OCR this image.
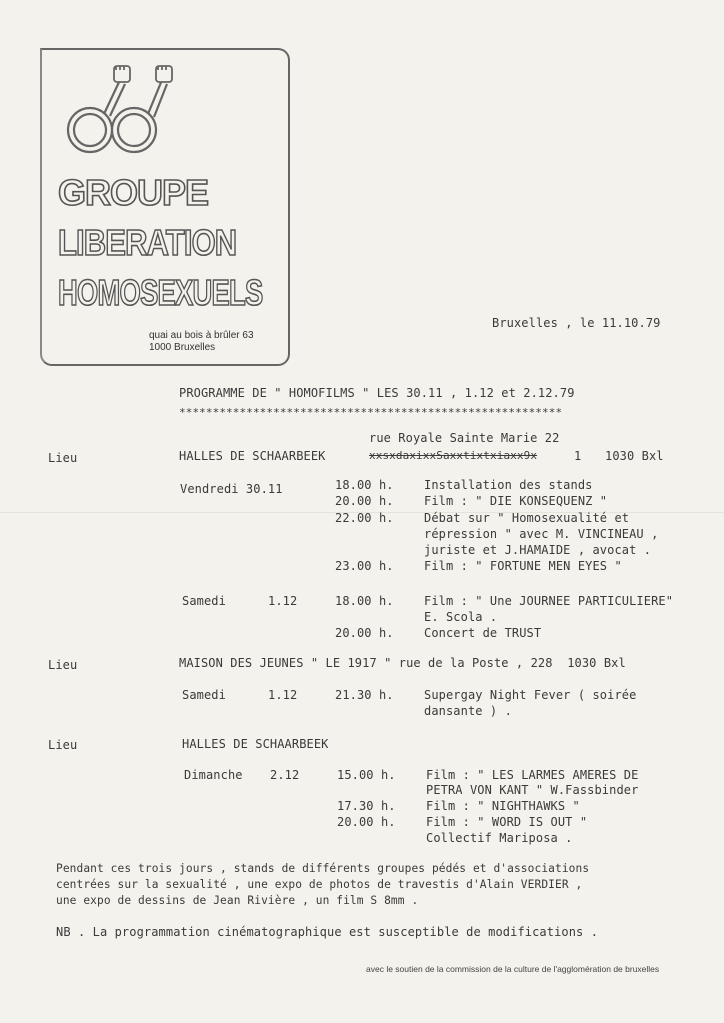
GROUPE
LIBERATION
HOMOSEXUELS
quai au bois à brûler 63
1000 Bruxelles
Bruxelles , le 11.10.79
PROGRAMME DE " HOMOFILMS " LES 30.11 , 1.12 et 2.12.79
*********************************************************
rue Royale Sainte Marie 22
Lieu	HALLES DE SCHAARBEEK	xxsxdaxixxSaxxtixtxiaxx9x	1 1030 Bxl
Vendredi 30.11	18.00 h.	Installation des stands
20.00 h.	Film : " DIE KONSEQUENZ "
22.00 h.	Débat sur " Homosexualité et
répression " avec M. VINCINEAU ,
juriste et J.HAMAIDE , avocat .
23.00 h.	Film : " FORTUNE MEN EYES "
Samedi	1.12	18.00 h.	Film : " Une JOURNEE PARTICULIERE"
E. Scola .
20.00 h.	Concert de TRUST
Lieu	MAISON DES JEUNES " LE 1917 " rue de la Poste , 228  1030 Bxl
Samedi	1.12	21.30 h.	Supergay Night Fever ( soirée
dansante ) .
Lieu	HALLES DE SCHAARBEEK
Dimanche 2.12	15.00 h.	Film : " LES LARMES AMERES DE
PETRA VON KANT " W.Fassbinder
17.30 h.	Film : " NIGHTHAWKS "
20.00 h.	Film : " WORD IS OUT "
Collectif Mariposa .
Pendant ces trois jours , stands de différents groupes pédés et d'associations
centrées sur la sexualité , une expo de photos de travestis d'Alain VERDIER ,
une expo de dessins de Jean Rivière , un film S 8mm .
NB . La programmation cinématographique est susceptible de modifications .
avec le soutien de la commission de la culture de l'agglomération de bruxelles
